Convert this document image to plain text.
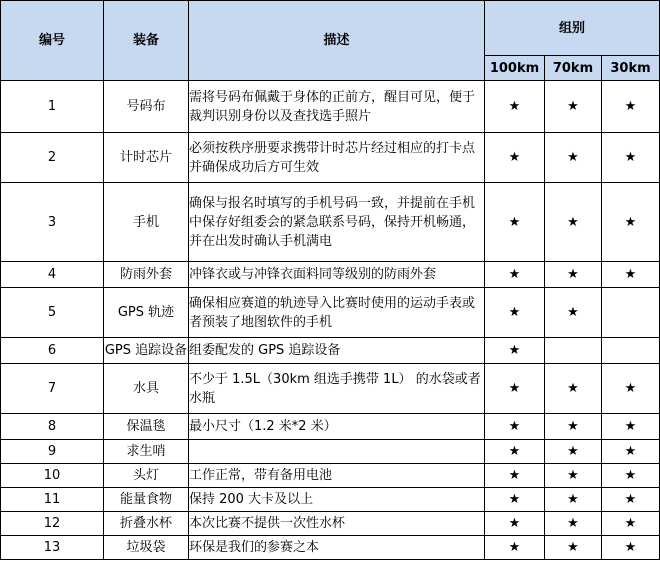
编号	装备	描述	组别		
			100km	70km	30km
1	号码布	需将号码布佩戴于身体的正前方，醒目可见，便于裁判识别身份以及查找选手照片	★	★	★
2	计时芯片	必须按秩序册要求携带计时芯片经过相应的打卡点并确保成功后方可生效	★	★	★
3	手机	确保与报名时填写的手机号码一致，并提前在手机中保存好组委会的紧急联系号码，保持开机畅通，并在出发时确认手机满电	★	★	★
4	防雨外套	冲锋衣或与冲锋衣面料同等级别的防雨外套	★	★	★
5	GPS 轨迹	确保相应赛道的轨迹导入比赛时使用的运动手表或者预装了地图软件的手机	★	★	
6	GPS 追踪设备	组委配发的 GPS 追踪设备	★		
7	水具	不少于 1.5L（30km 组选手携带 1L） 的水袋或者水瓶	★	★	★
8	保温毯	最小尺寸（1.2 米*2 米）	★	★	★
9	求生哨		★	★	★
10	头灯	工作正常，带有备用电池	★	★	★
11	能量食物	保持 200 大卡及以上	★	★	★
12	折叠水杯	本次比赛不提供一次性水杯	★	★	★
13	垃圾袋	环保是我们的参赛之本	★	★	★
